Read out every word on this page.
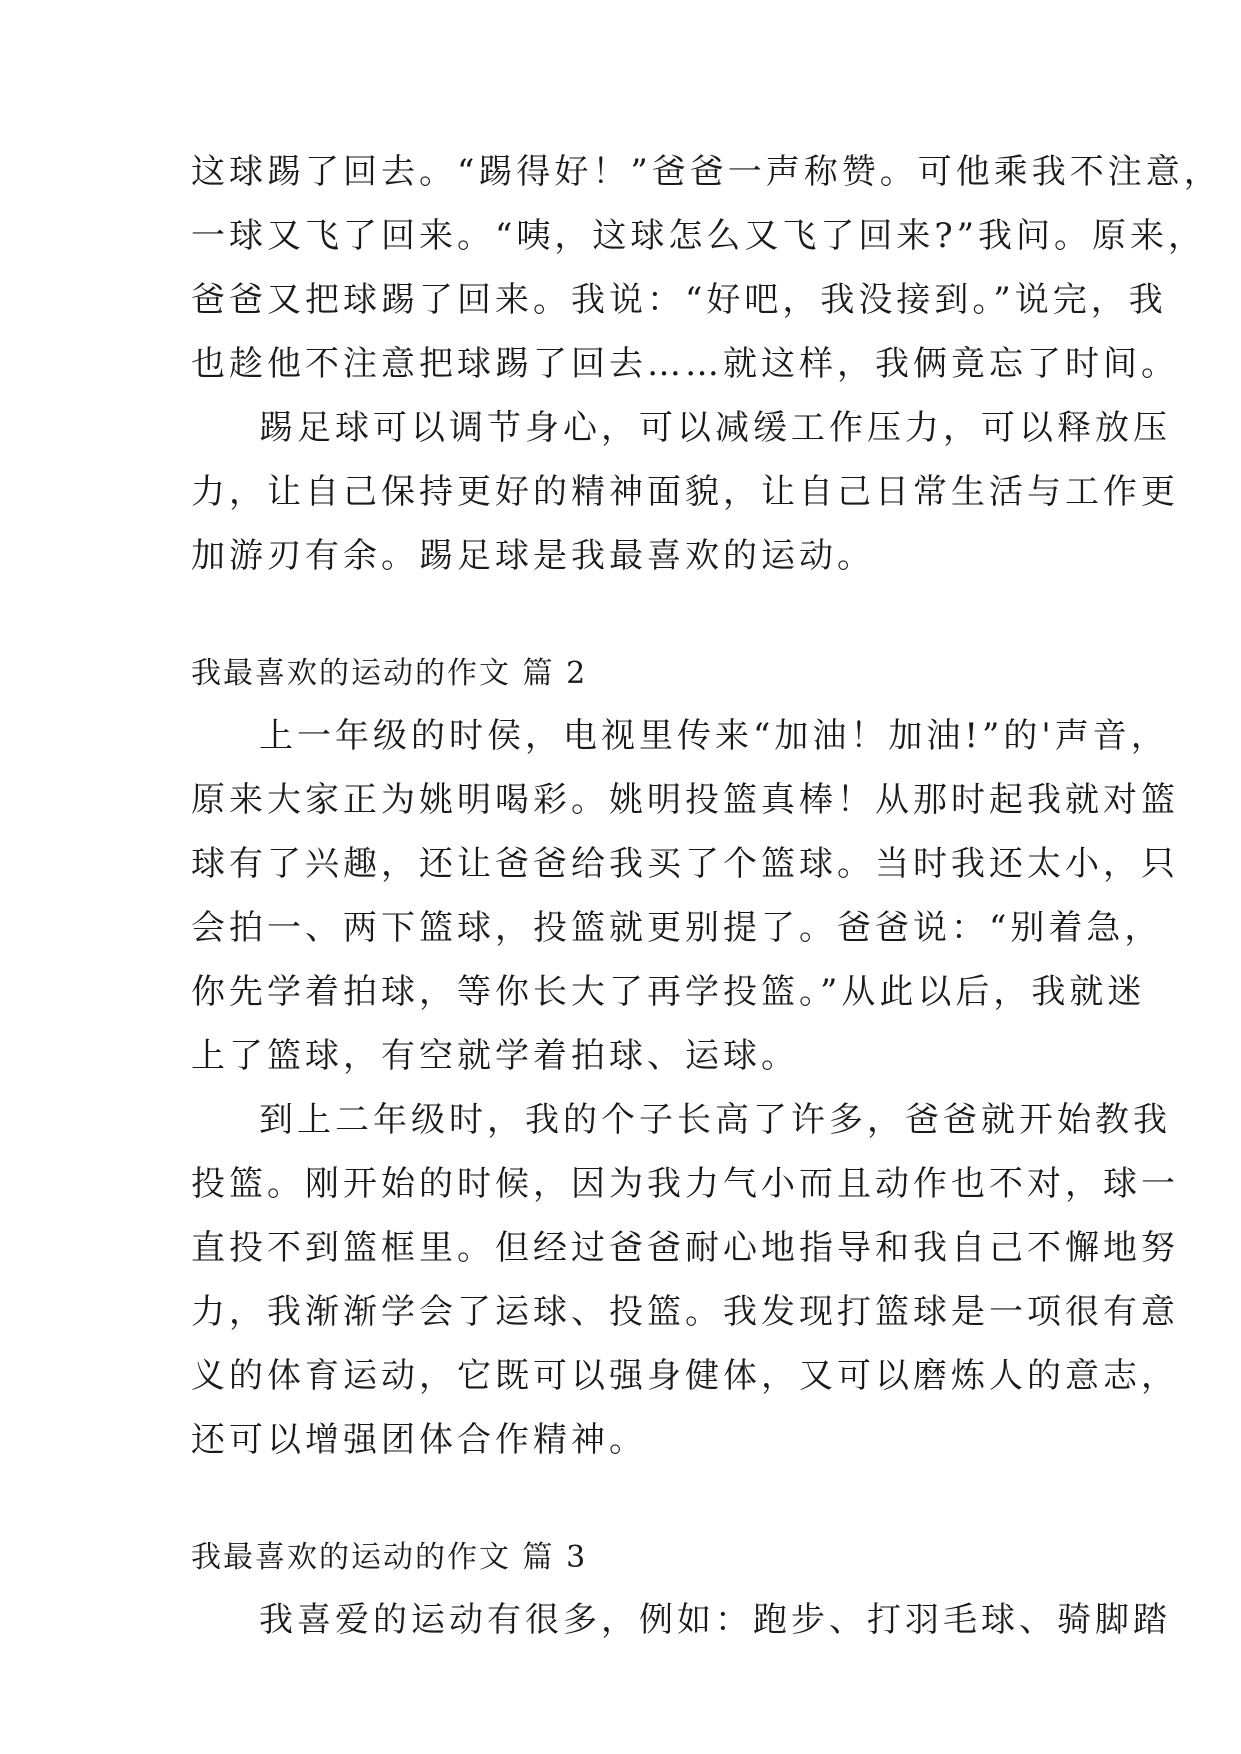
这球踢了回去。“踢得好！”爸爸一声称赞。可他乘我不注意，
一球又飞了回来。“咦，这球怎么又飞了回来?”我问。原来，
爸爸又把球踢了回来。我说：“好吧，我没接到。”说完，我
也趁他不注意把球踢了回去……就这样，我俩竟忘了时间。
踢足球可以调节身心，可以减缓工作压力，可以释放压
力，让自己保持更好的精神面貌，让自己日常生活与工作更
加游刃有余。踢足球是我最喜欢的运动。
我最喜欢的运动的作文 篇 2
上一年级的时侯，电视里传来“加油！加油!”的'声音，
原来大家正为姚明喝彩。姚明投篮真棒！从那时起我就对篮
球有了兴趣，还让爸爸给我买了个篮球。当时我还太小，只
会拍一、两下篮球，投篮就更别提了。爸爸说：“别着急，
你先学着拍球，等你长大了再学投篮。”从此以后，我就迷
上了篮球，有空就学着拍球、运球。
到上二年级时，我的个子长高了许多，爸爸就开始教我
投篮。刚开始的时候，因为我力气小而且动作也不对，球一
直投不到篮框里。但经过爸爸耐心地指导和我自己不懈地努
力，我渐渐学会了运球、投篮。我发现打篮球是一项很有意
义的体育运动，它既可以强身健体，又可以磨炼人的意志，
还可以增强团体合作精神。
我最喜欢的运动的作文 篇 3
我喜爱的运动有很多，例如：跑步、打羽毛球、骑脚踏
